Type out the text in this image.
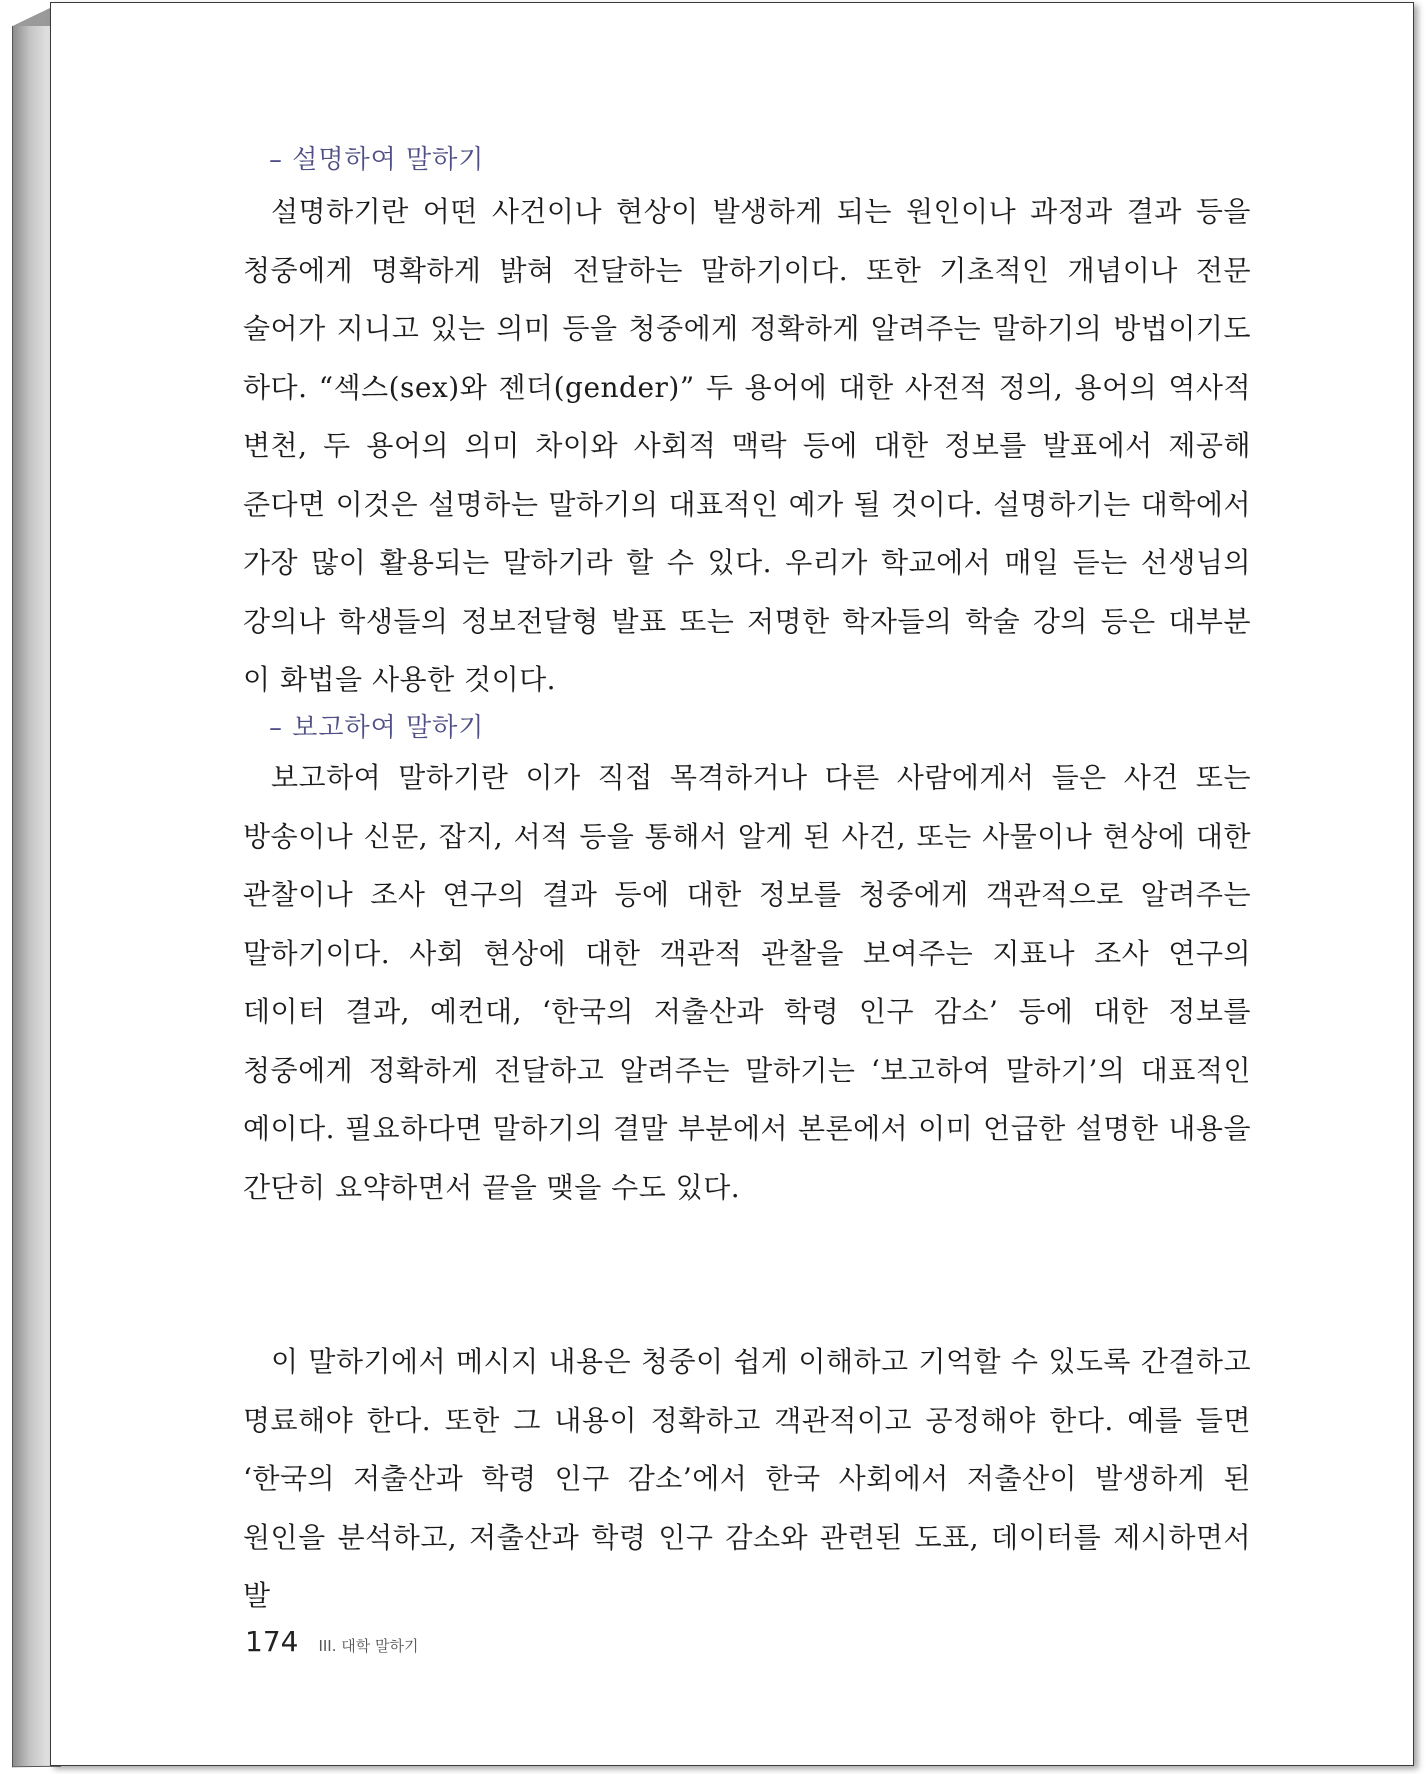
– 설명하여 말하기

설명하기란 어떤 사건이나 현상이 발생하게 되는 원인이나 과정과 결과 등을 청중에게 명확하게 밝혀 전달하는 말하기이다. 또한 기초적인 개념이나 전문 술어가 지니고 있는 의미 등을 청중에게 정확하게 알려주는 말하기의 방법이기도 하다. “섹스(sex)와 젠더(gender)” 두 용어에 대한 사전적 정의, 용어의 역사적 변천, 두 용어의 의미 차이와 사회적 맥락 등에 대한 정보를 발표에서 제공해 준다면 이것은 설명하는 말하기의 대표적인 예가 될 것이다. 설명하기는 대학에서 가장 많이 활용되는 말하기라 할 수 있다. 우리가 학교에서 매일 듣는 선생님의 강의나 학생들의 정보전달형 발표 또는 저명한 학자들의 학술 강의 등은 대부분 이 화법을 사용한 것이다.

– 보고하여 말하기

보고하여 말하기란 이가 직접 목격하거나 다른 사람에게서 들은 사건 또는 방송이나 신문, 잡지, 서적 등을 통해서 알게 된 사건, 또는 사물이나 현상에 대한 관찰이나 조사 연구의 결과 등에 대한 정보를 청중에게 객관적으로 알려주는 말하기이다. 사회 현상에 대한 객관적 관찰을 보여주는 지표나 조사 연구의 데이터 결과, 예컨대, ‘한국의 저출산과 학령 인구 감소’ 등에 대한 정보를 청중에게 정확하게 전달하고 알려주는 말하기는 ‘보고하여 말하기’의 대표적인 예이다. 필요하다면 말하기의 결말 부분에서 본론에서 이미 언급한 설명한 내용을 간단히 요약하면서 끝을 맺을 수도 있다.

이 말하기에서 메시지 내용은 청중이 쉽게 이해하고 기억할 수 있도록 간결하고 명료해야 한다. 또한 그 내용이 정확하고 객관적이고 공정해야 한다. 예를 들면 ‘한국의 저출산과 학령 인구 감소’에서 한국 사회에서 저출산이 발생하게 된 원인을 분석하고, 저출산과 학령 인구 감소와 관련된 도표, 데이터를 제시하면서 발

174 III. 대학 말하기
